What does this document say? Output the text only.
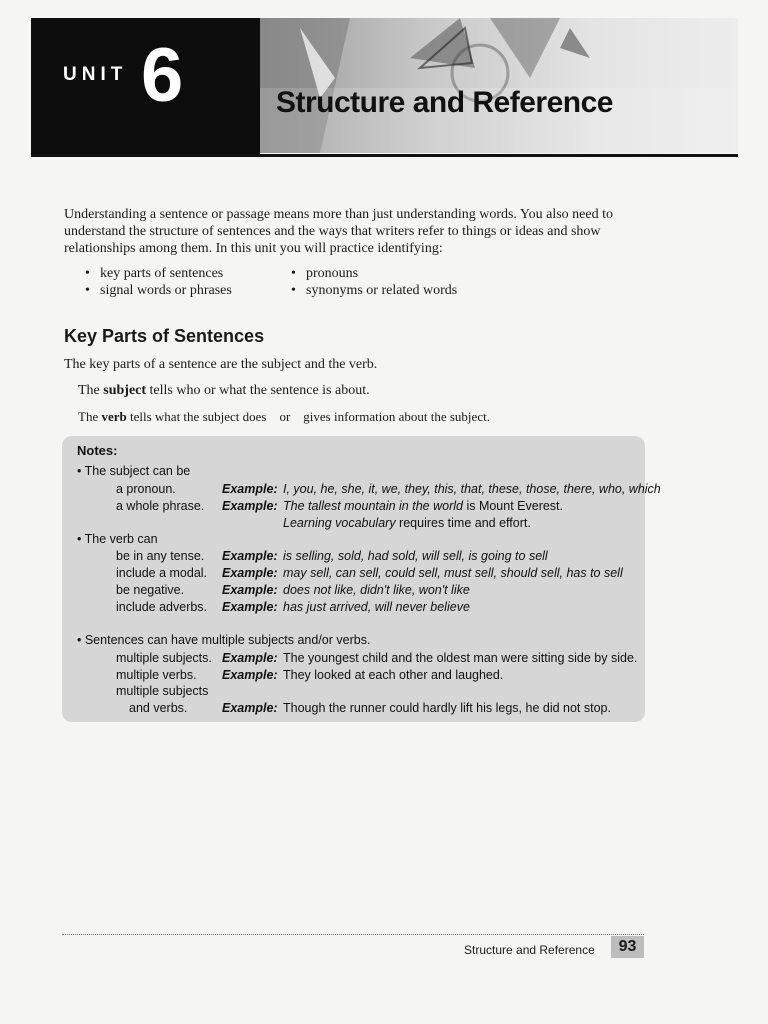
UNIT 6	Structure and Reference

Understanding a sentence or passage means more than just understanding words. You also need to understand the structure of sentences and the ways that writers refer to things or ideas and show relationships among them. In this unit you will practice identifying:

• key parts of sentences
• signal words or phrases
• pronouns
• synonyms or related words
Key Parts of Sentences

The key parts of a sentence are the subject and the verb.

The subject tells who or what the sentence is about.

The verb tells what the subject does    or    gives information about the subject.

Notes:
• The subject can be
a pronoun.	Example: I, you, he, she, it, we, they, this, that, these, those, there, who, which
a whole phrase. Example: The tallest mountain in the world is Mount Everest.
Learning vocabulary requires time and effort.
• The verb can
be in any tense. Example: is selling, sold, had sold, will sell, is going to sell
include a modal. Example: may sell, can sell, could sell, must sell, should sell, has to sell
be negative.	Example: does not like, didn't like, won't like
include adverbs. Example: has just arrived, will never believe
• Sentences can have multiple subjects and/or verbs.
multiple subjects. Example: The youngest child and the oldest man were sitting side by side.
multiple verbs. Example: They looked at each other and laughed.
multiple subjects
and verbs.	Example: Though the runner could hardly lift his legs, he did not stop.
Structure and Reference	93
